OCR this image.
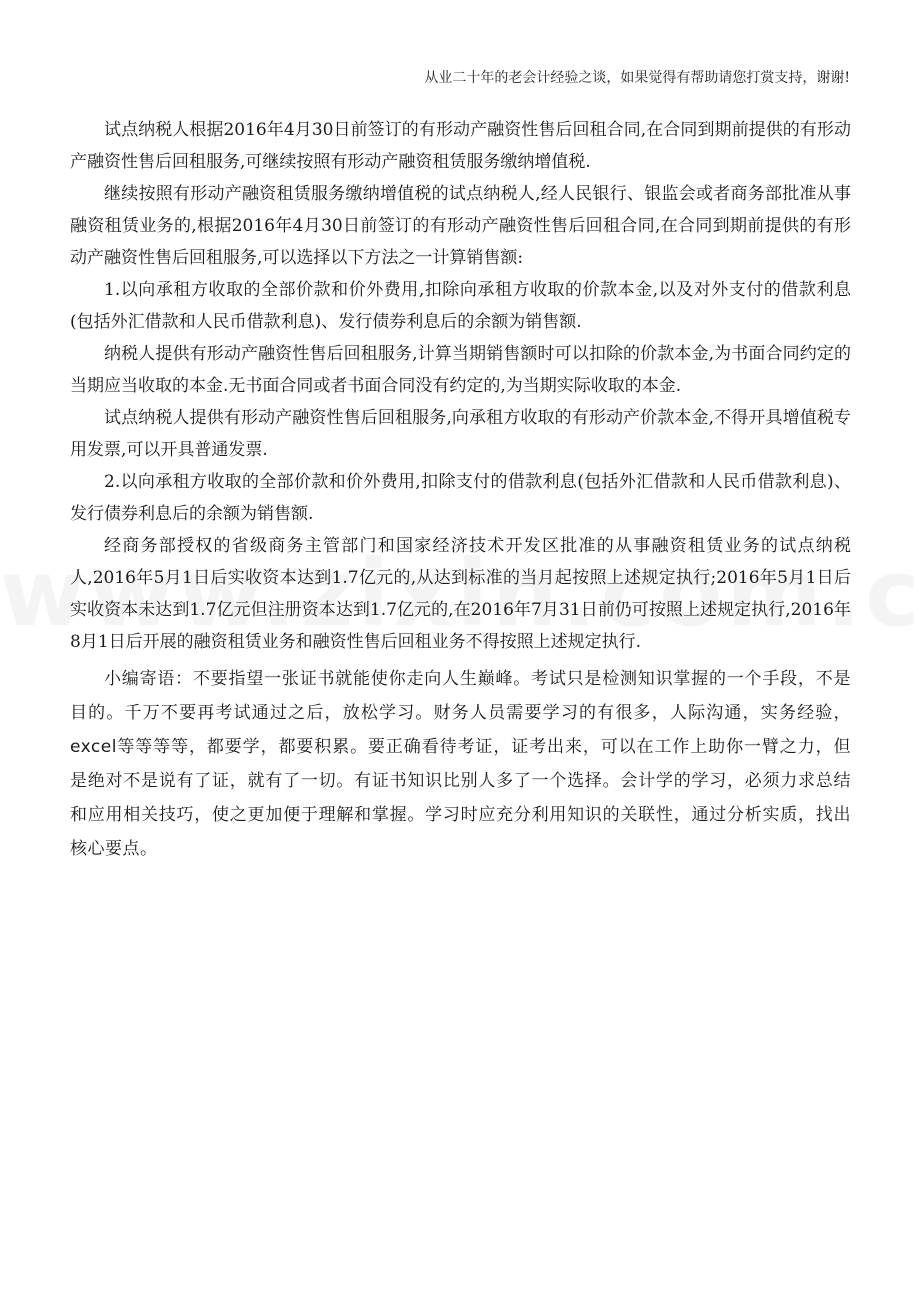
从业二十年的老会计经验之谈，如果觉得有帮助请您打赏支持，谢谢!

试点纳税人根据2016年4月30日前签订的有形动产融资性售后回租合同,在合同到期前提供的有形动产融资性售后回租服务,可继续按照有形动产融资租赁服务缴纳增值税.

继续按照有形动产融资租赁服务缴纳增值税的试点纳税人,经人民银行、银监会或者商务部批准从事融资租赁业务的,根据2016年4月30日前签订的有形动产融资性售后回租合同,在合同到期前提供的有形动产融资性售后回租服务,可以选择以下方法之一计算销售额:

1.以向承租方收取的全部价款和价外费用,扣除向承租方收取的价款本金,以及对外支付的借款利息(包括外汇借款和人民币借款利息)、发行债券利息后的余额为销售额.

纳税人提供有形动产融资性售后回租服务,计算当期销售额时可以扣除的价款本金,为书面合同约定的当期应当收取的本金.无书面合同或者书面合同没有约定的,为当期实际收取的本金.

试点纳税人提供有形动产融资性售后回租服务,向承租方收取的有形动产价款本金,不得开具增值税专用发票,可以开具普通发票.

2.以向承租方收取的全部价款和价外费用,扣除支付的借款利息(包括外汇借款和人民币借款利息)、发行债券利息后的余额为销售额.

经商务部授权的省级商务主管部门和国家经济技术开发区批准的从事融资租赁业务的试点纳税人,2016年5月1日后实收资本达到1.7亿元的,从达到标准的当月起按照上述规定执行;2016年5月1日后实收资本未达到1.7亿元但注册资本达到1.7亿元的,在2016年7月31日前仍可按照上述规定执行,2016年8月1日后开展的融资租赁业务和融资性售后回租业务不得按照上述规定执行.

小编寄语：不要指望一张证书就能使你走向人生巅峰。考试只是检测知识掌握的一个手段，不是目的。千万不要再考试通过之后，放松学习。财务人员需要学习的有很多，人际沟通，实务经验，excel等等等等，都要学，都要积累。要正确看待考证，证考出来，可以在工作上助你一臂之力，但是绝对不是说有了证，就有了一切。有证书知识比别人多了一个选择。会计学的学习，必须力求总结和应用相关技巧，使之更加便于理解和掌握。学习时应充分利用知识的关联性，通过分析实质，找出核心要点。
